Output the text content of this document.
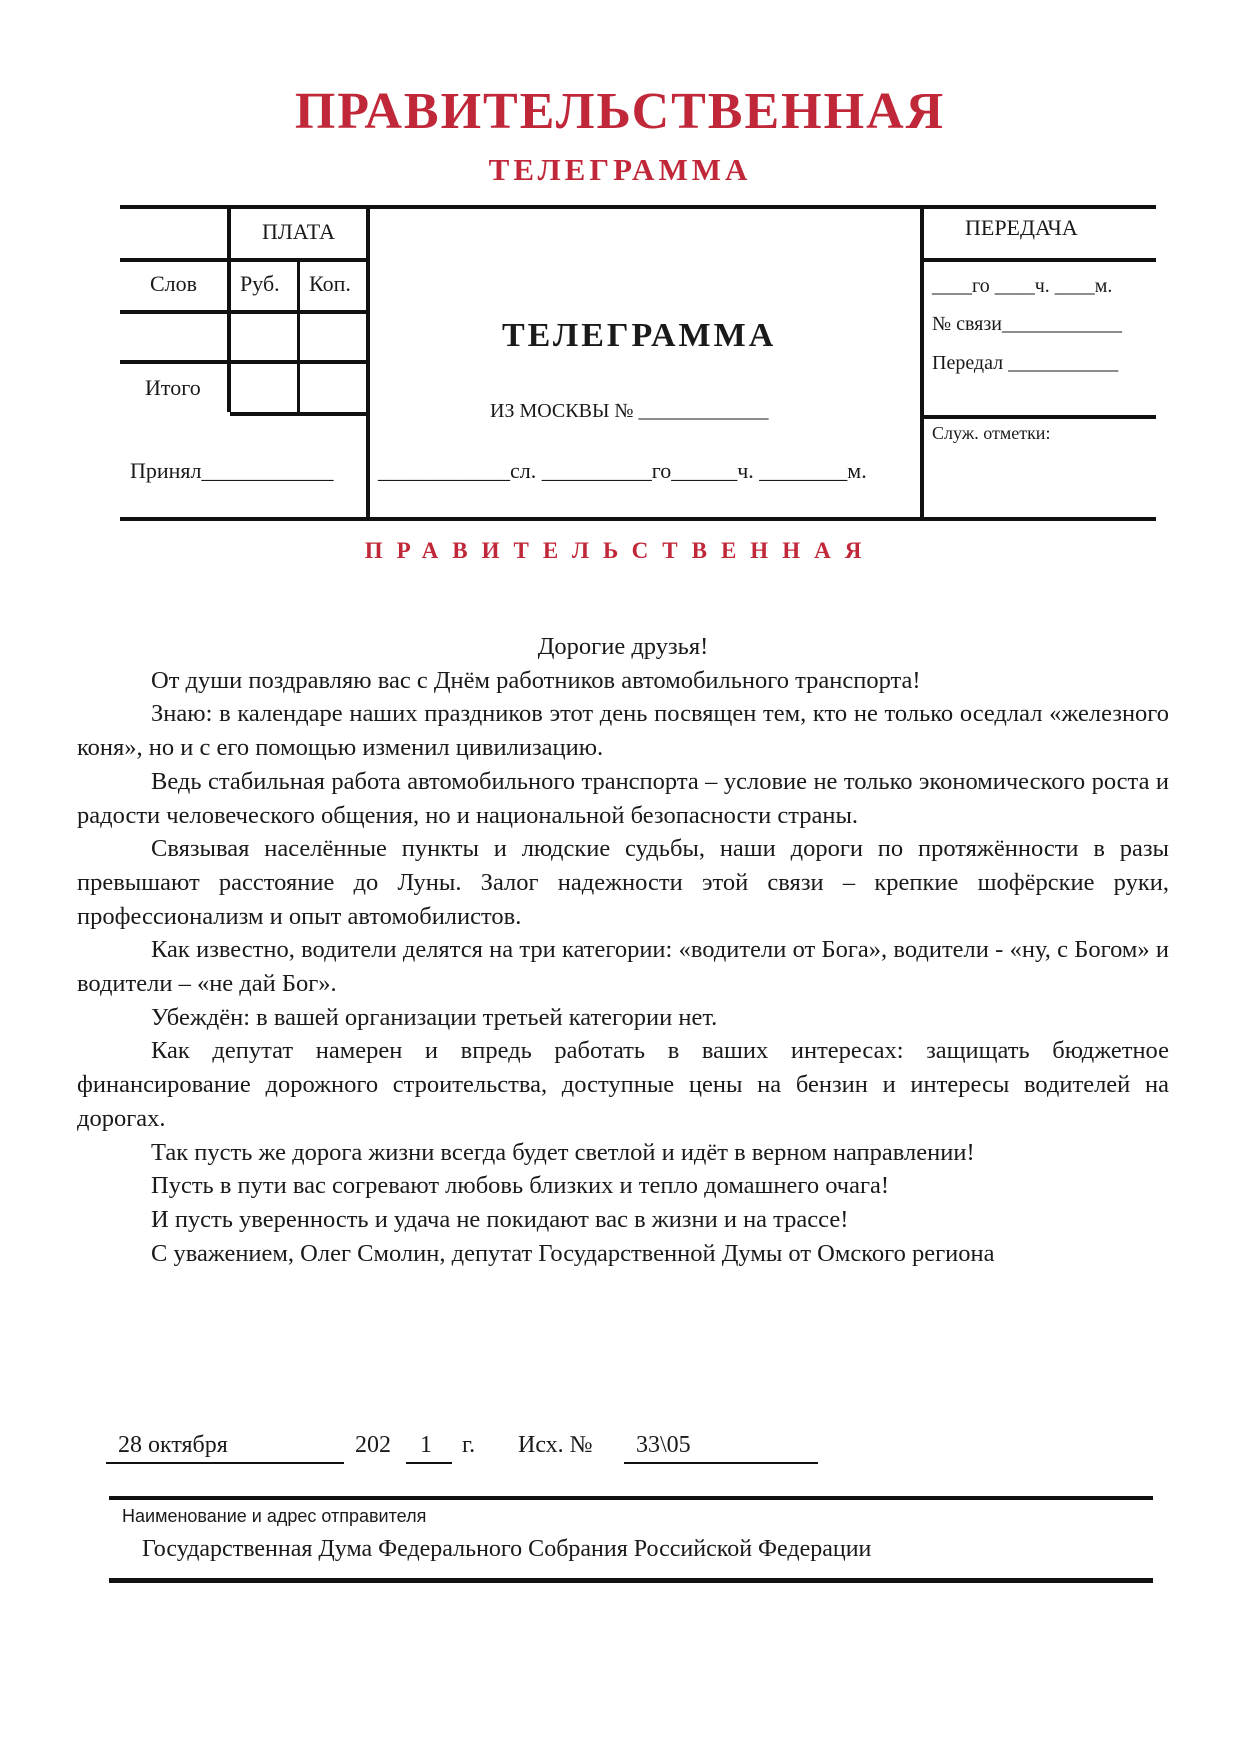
ПРАВИТЕЛЬСТВЕННАЯ
ТЕЛЕГРАММА
ПЛАТА
Слов Руб. Коп.
Итого
Принял____________
ТЕЛЕГРАММА
ИЗ МОСКВЫ № _____________
____________сл. __________го______ч. ________м.
ПЕРЕДАЧА
____го ____ч. ____м.
№ связи____________
Передал ___________
Служ. отметки:
ПРАВИТЕЛЬСТВЕННАЯ

Дорогие друзья!

От души поздравляю вас с Днём работников автомобильного транспорта!

Знаю: в календаре наших праздников этот день посвящен тем, кто не только оседлал «железного коня», но и с его помощью изменил цивилизацию.

Ведь стабильная работа автомобильного транспорта – условие не только экономического роста и радости человеческого общения, но и национальной безопасности страны.

Связывая населённые пункты и людские судьбы, наши дороги по протяжённости в разы превышают расстояние до Луны. Залог надежности этой связи – крепкие шофёрские руки, профессионализм и опыт автомобилистов.

Как известно, водители делятся на три категории: «водители от Бога», водители - «ну, с Богом» и водители – «не дай Бог».

Убеждён: в вашей организации третьей категории нет.

Как депутат намерен и впредь работать в ваших интересах: защищать бюджетное финансирование дорожного строительства, доступные цены на бензин и интересы водителей на дорогах.

Так пусть же дорога жизни всегда будет светлой и идёт в верном направлении!

Пусть в пути вас согревают любовь близких и тепло домашнего очага!

И пусть уверенность и удача не покидают вас в жизни и на трассе!

С уважением, Олег Смолин, депутат Государственной Думы от Омского региона

28 октября	202 1 г. Исх. № 33\05
Наименование и адрес отправителя
Государственная Дума Федерального Собрания Российской Федерации
